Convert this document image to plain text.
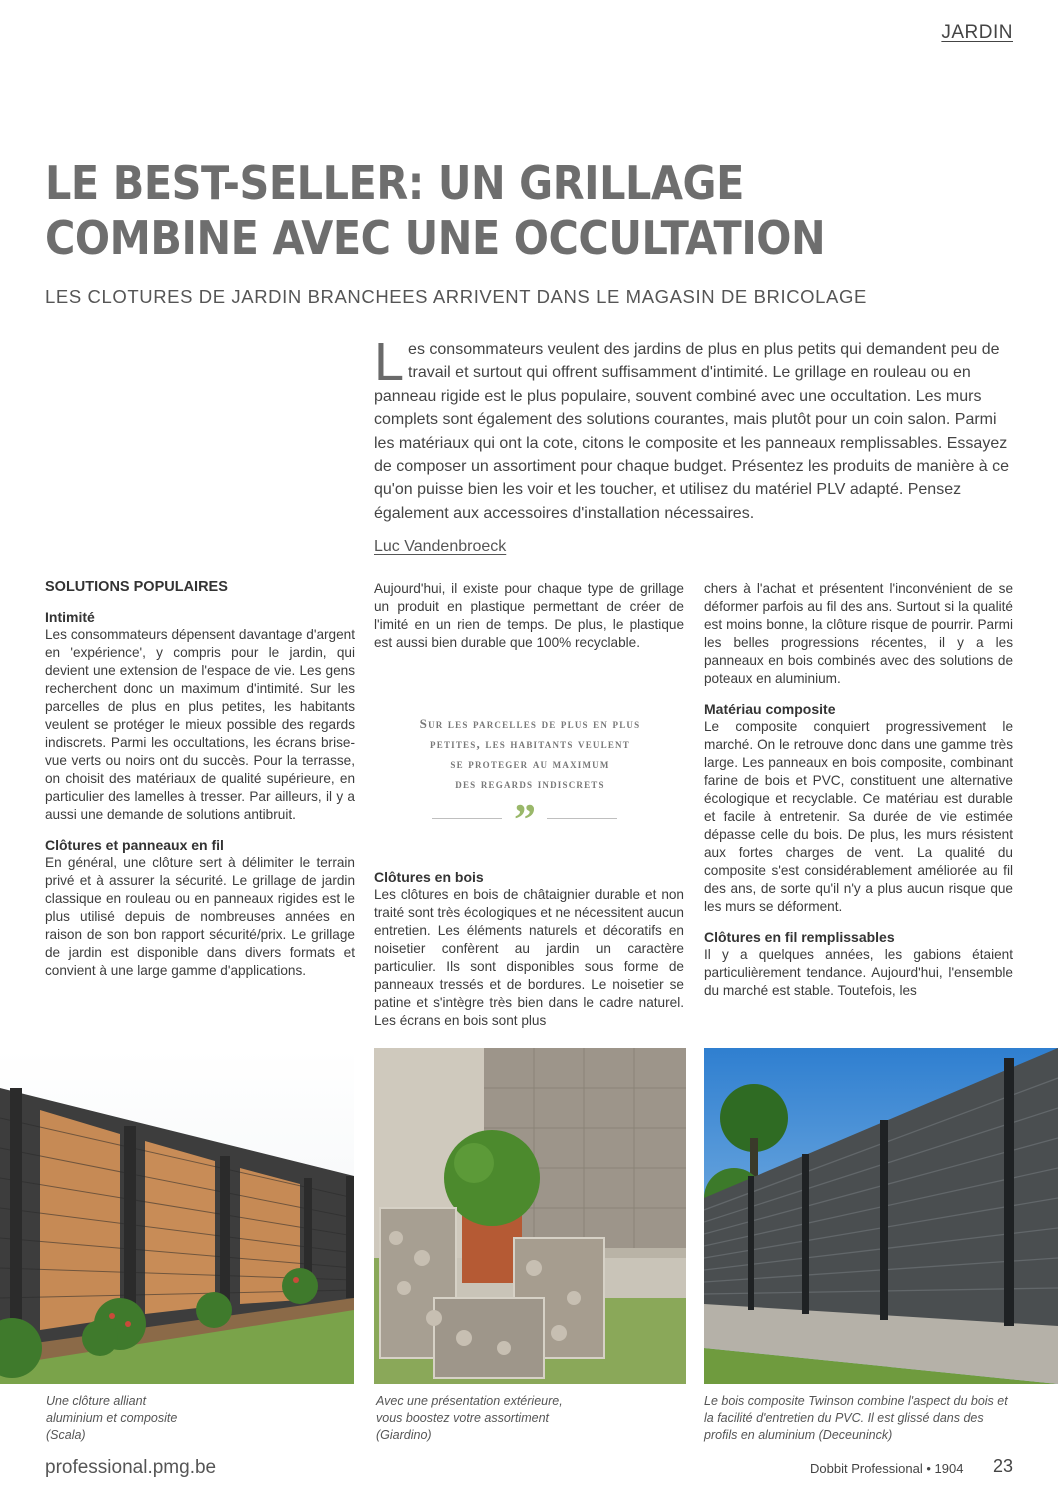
JARDIN
LE BEST-SELLER: UN GRILLAGE
COMBINE AVEC UNE OCCULTATION
LES CLOTURES DE JARDIN BRANCHEES ARRIVENT DANS LE MAGASIN DE BRICOLAGE
Les consommateurs veulent des jardins de plus en plus petits qui demandent peu de travail et surtout qui offrent suffisamment d'intimité. Le grillage en rouleau ou en panneau rigide est le plus populaire, souvent combiné avec une occultation. Les murs complets sont également des solutions courantes, mais plutôt pour un coin salon. Parmi les matériaux qui ont la cote, citons le composite et les panneaux remplissables. Essayez de composer un assortiment pour chaque budget. Présentez les produits de manière à ce qu'on puisse bien les voir et les toucher, et utilisez du matériel PLV adapté. Pensez également aux accessoires d'installation nécessaires.
Luc Vandenbroeck
SOLUTIONS POPULAIRES
Intimité

Les consommateurs dépensent davantage d'argent en 'expérience', y compris pour le jardin, qui devient une extension de l'espace de vie. Les gens recherchent donc un maximum d'intimité. Sur les parcelles de plus en plus petites, les habitants veulent se protéger le mieux possible des regards indiscrets. Parmi les occultations, les écrans brise-vue verts ou noirs ont du succès. Pour la terrasse, on choisit des matériaux de qualité supérieure, en particulier des lamelles à tresser. Par ailleurs, il y a aussi une demande de solutions antibruit.

Clôtures et panneaux en fil

En général, une clôture sert à délimiter le terrain privé et à assurer la sécurité. Le grillage de jardin classique en rouleau ou en panneaux rigides est le plus utilisé depuis de nombreuses années en raison de son bon rapport sécurité/prix. Le grillage de jardin est disponible dans divers formats et convient à une large gamme d'applications.

Aujourd'hui, il existe pour chaque type de grillage un produit en plastique permettant de créer de l'imité en un rien de temps. De plus, le plastique est aussi bien durable que 100% recyclable.

Sur les parcelles de plus en plus
petites, les habitants veulent
se proteger au maximum
des regards indiscrets
”
Clôtures en bois

Les clôtures en bois de châtaignier durable et non traité sont très écologiques et ne nécessitent aucun entretien. Les éléments naturels et décoratifs en noisetier confèrent au jardin un caractère particulier. Ils sont disponibles sous forme de panneaux tressés et de bordures. Le noisetier se patine et s'intègre très bien dans le cadre naturel. Les écrans en bois sont plus

chers à l'achat et présentent l'inconvénient de se déformer parfois au fil des ans. Surtout si la qualité est moins bonne, la clôture risque de pourrir. Parmi les belles progressions récentes, il y a les panneaux en bois combinés avec des solutions de poteaux en aluminium.

Matériau composite

Le composite conquiert progressivement le marché. On le retrouve donc dans une gamme très large. Les panneaux en bois composite, combinant farine de bois et PVC, constituent une alternative écologique et recyclable. Ce matériau est durable et facile à entretenir. Sa durée de vie estimée dépasse celle du bois. De plus, les murs résistent aux fortes charges de vent. La qualité du composite s'est considérablement améliorée au fil des ans, de sorte qu'il n'y a plus aucun risque que les murs se déforment.

Clôtures en fil remplissables

Il y a quelques années, les gabions étaient particulièrement tendance. Aujourd'hui, l'ensemble du marché est stable. Toutefois, les

Une clôture alliant aluminium et composite (Scala)
Avec une présentation extérieure, vous boostez votre assortiment (Giardino)
Le bois composite Twinson combine l'aspect du bois et la facilité d'entretien du PVC. Il est glissé dans des profils en aluminium (Deceuninck)
professional.pmg.be	Dobbit Professional • 1904 23
